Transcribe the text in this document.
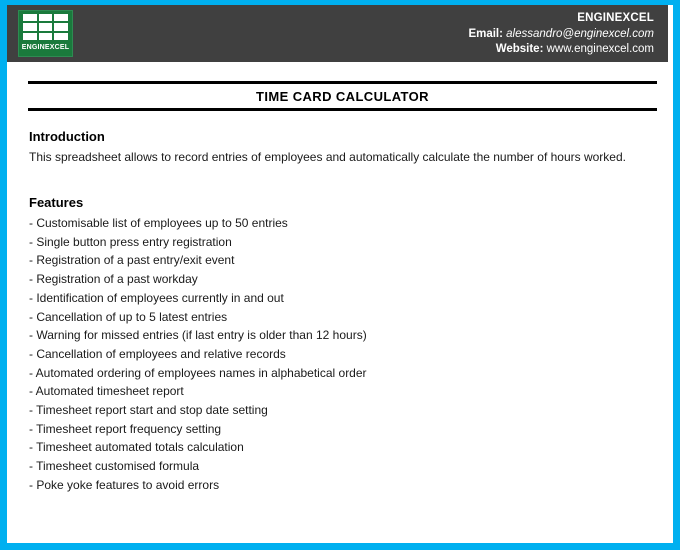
ENGINEXCEL
ENGINEXCEL
Email: alessandro@enginexcel.com
Website: www.enginexcel.com
TIME CARD CALCULATOR
Introduction

This spreadsheet allows to record entries of employees and automatically calculate the number of hours worked.

Features
- Customisable list of employees up to 50 entries
- Single button press entry registration
- Registration of a past entry/exit event
- Registration of a past workday
- Identification of employees currently in and out
- Cancellation of up to 5 latest entries
- Warning for missed entries (if last entry is older than 12 hours)
- Cancellation of employees and relative records
- Automated ordering of employees names in alphabetical order
- Automated timesheet report
- Timesheet report start and stop date setting
- Timesheet report frequency setting
- Timesheet automated totals calculation
- Timesheet customised formula
- Poke yoke features to avoid errors
